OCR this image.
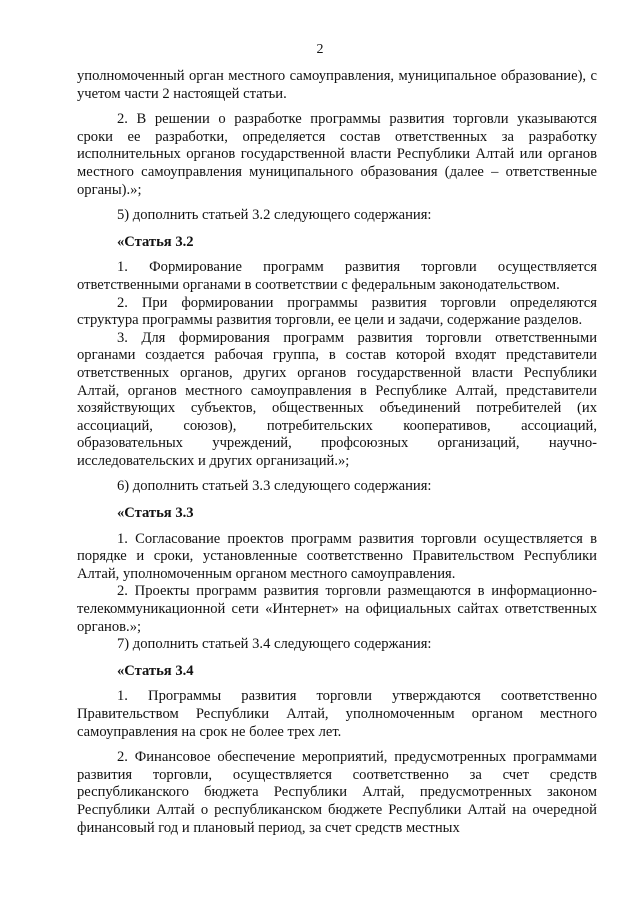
2

уполномоченный орган местного самоуправления, муниципальное образование), с учетом части 2 настоящей статьи.

2. В решении о разработке программы развития торговли указываются сроки ее разработки, определяется состав ответственных за разработку исполнительных органов государственной власти Республики Алтай или органов местного самоуправления муниципального образования (далее – ответственные органы).»;

5) дополнить статьей 3.2 следующего содержания:

«Статья 3.2

1. Формирование программ развития торговли осуществляется ответственными органами в соответствии с федеральным законодательством.

2. При формировании программы развития торговли определяются структура программы развития торговли, ее цели и задачи, содержание разделов.

3. Для формирования программ развития торговли ответственными органами создается рабочая группа, в состав которой входят представители ответственных органов, других органов государственной власти Республики Алтай, органов местного самоуправления в Республике Алтай, представители хозяйствующих субъектов, общественных объединений потребителей (их ассоциаций, союзов), потребительских кооперативов, ассоциаций, образовательных учреждений, профсоюзных организаций, научно-исследовательских и других организаций.»;

6) дополнить статьей 3.3 следующего содержания:

«Статья 3.3

1. Согласование проектов программ развития торговли осуществляется в порядке и сроки, установленные соответственно Правительством Республики Алтай, уполномоченным органом местного самоуправления.

2. Проекты программ развития торговли размещаются в информационно-телекоммуникационной сети «Интернет» на официальных сайтах ответственных органов.»;

7) дополнить статьей 3.4 следующего содержания:

«Статья 3.4

1. Программы развития торговли утверждаются соответственно Правительством Республики Алтай, уполномоченным органом местного самоуправления на срок не более трех лет.

2. Финансовое обеспечение мероприятий, предусмотренных программами развития торговли, осуществляется соответственно за счет средств республиканского бюджета Республики Алтай, предусмотренных законом Республики Алтай о республиканском бюджете Республики Алтай на очередной финансовый год и плановый период, за счет средств местных
